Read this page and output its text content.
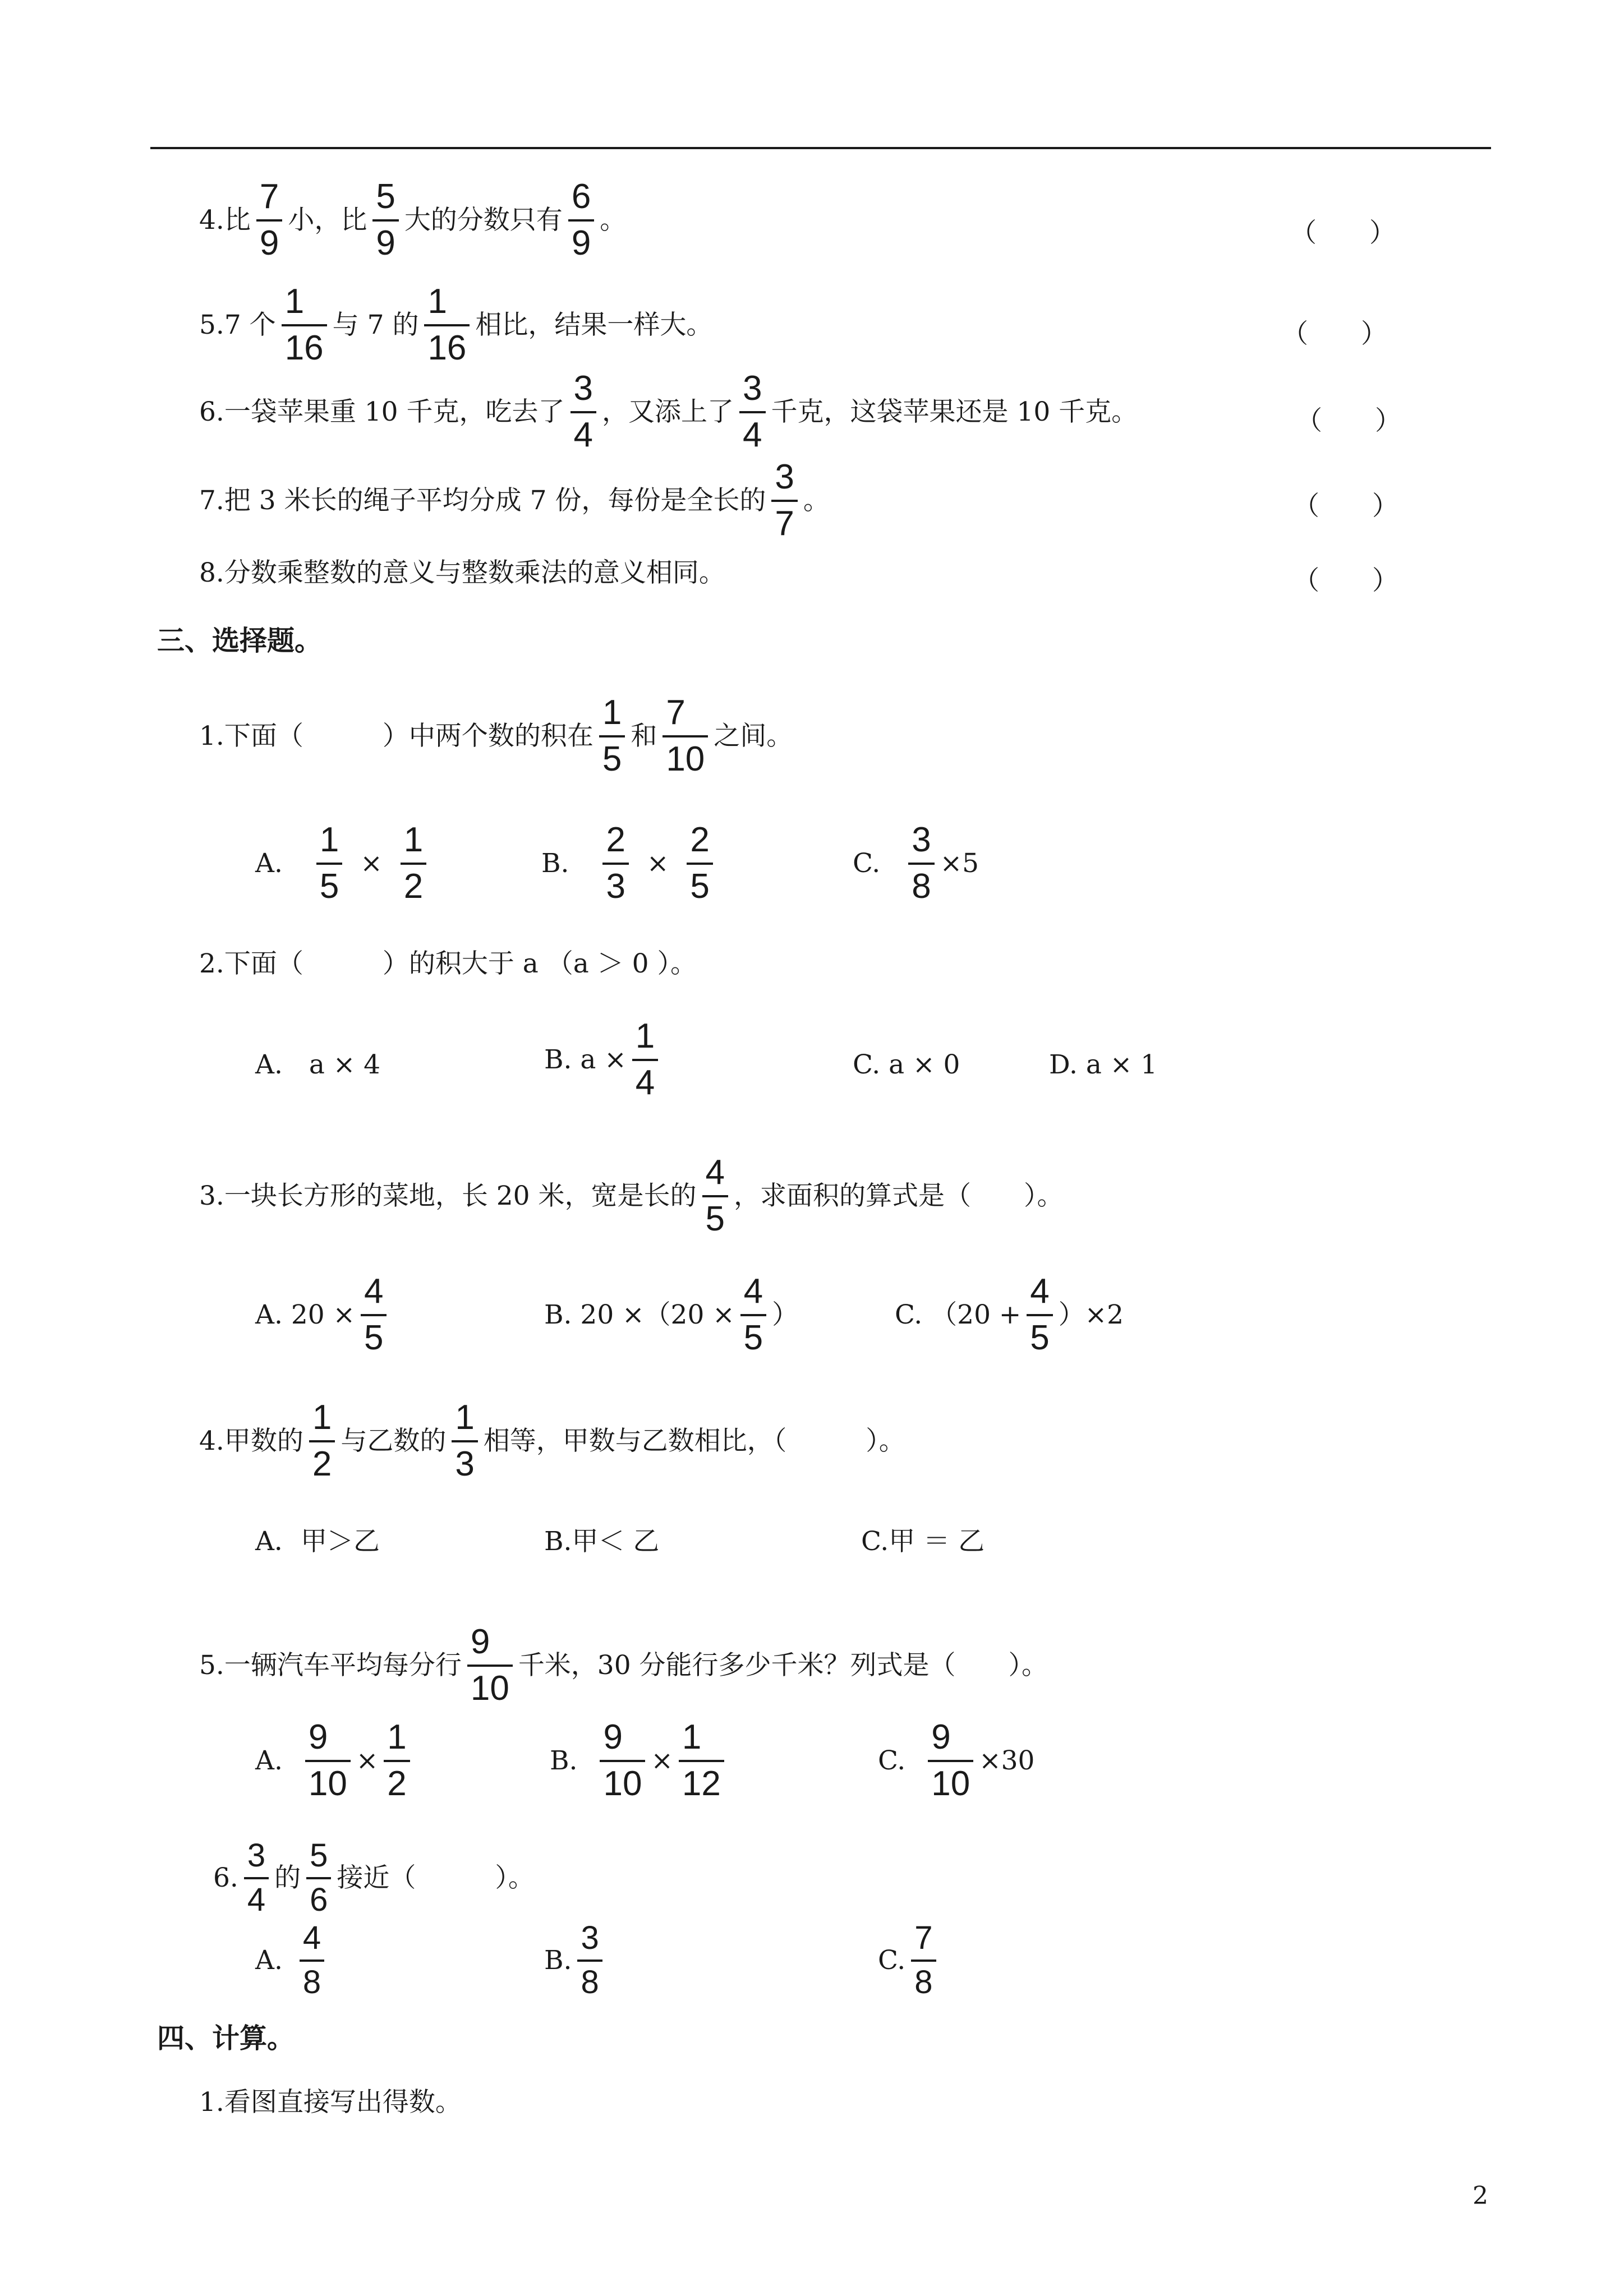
4.比 $\frac{7}{9}$ 小，比 $\frac{5}{9}$ 大的分数只有 $\frac{6}{9}$ 。	（　　）
5.7 个 $\frac{1}{16}$ 与 7 的 $\frac{1}{16}$ 相比，结果一样大。	（　　）
6.一袋苹果重 10 千克，吃去了 $\frac{3}{4}$ ，又添上了 $\frac{3}{4}$ 千克，这袋苹果还是 10 千克。	（　　）
7.把 3 米长的绳子平均分成 7 份，每份是全长的 $\frac{3}{7}$ 。	（　　）
8.分数乘整数的意义与整数乘法的意义相同。	（　　）
三、选择题。
1.下面（　　　）中两个数的积在 $\frac{1}{5}$ 和 $\frac{7}{10}$ 之间。
A. $\frac{1}{5} \times \frac{1}{2}$	B. $\frac{2}{3} \times \frac{2}{5}$	C. $\frac{3}{8} \times 5$
2.下面（　　　）的积大于 a （a ＞ 0 ）。
A.　a × 4	B. $a \times \frac{1}{4}$	C. a × 0	D. a × 1
3.一块长方形的菜地，长 20 米，宽是长的 $\frac{4}{5}$ ，求面积的算式是（　　）。
A. $20 \times \frac{4}{5}$	B. $20 \times(20 \times \frac{4}{5}$ ）	C. $(20 + \frac{4}{5} )\times 2$
4.甲数的 $\frac{1}{2}$ 与乙数的 $\frac{1}{3}$ 相等，甲数与乙数相比，（　　　）。
A．甲＞乙	B.甲＜ 乙	C.甲 ＝ 乙
5.一辆汽车平均每分行 $\frac{9}{10}$ 千米，30 分能行多少千米？列式是（　　）。
A. $\frac{9}{10} \times \frac{1}{2}$	B. $\frac{9}{10} \times \frac{1}{12}$	C. $\frac{9}{10} \times 30$
6. $\frac{3}{4}$ 的 $\frac{5}{6}$ 接近（　　　）。
A. $\frac{4}{8}$	B. $\frac{3}{8}$	C. $\frac{7}{8}$
四、计算。
1.看图直接写出得数。
2
